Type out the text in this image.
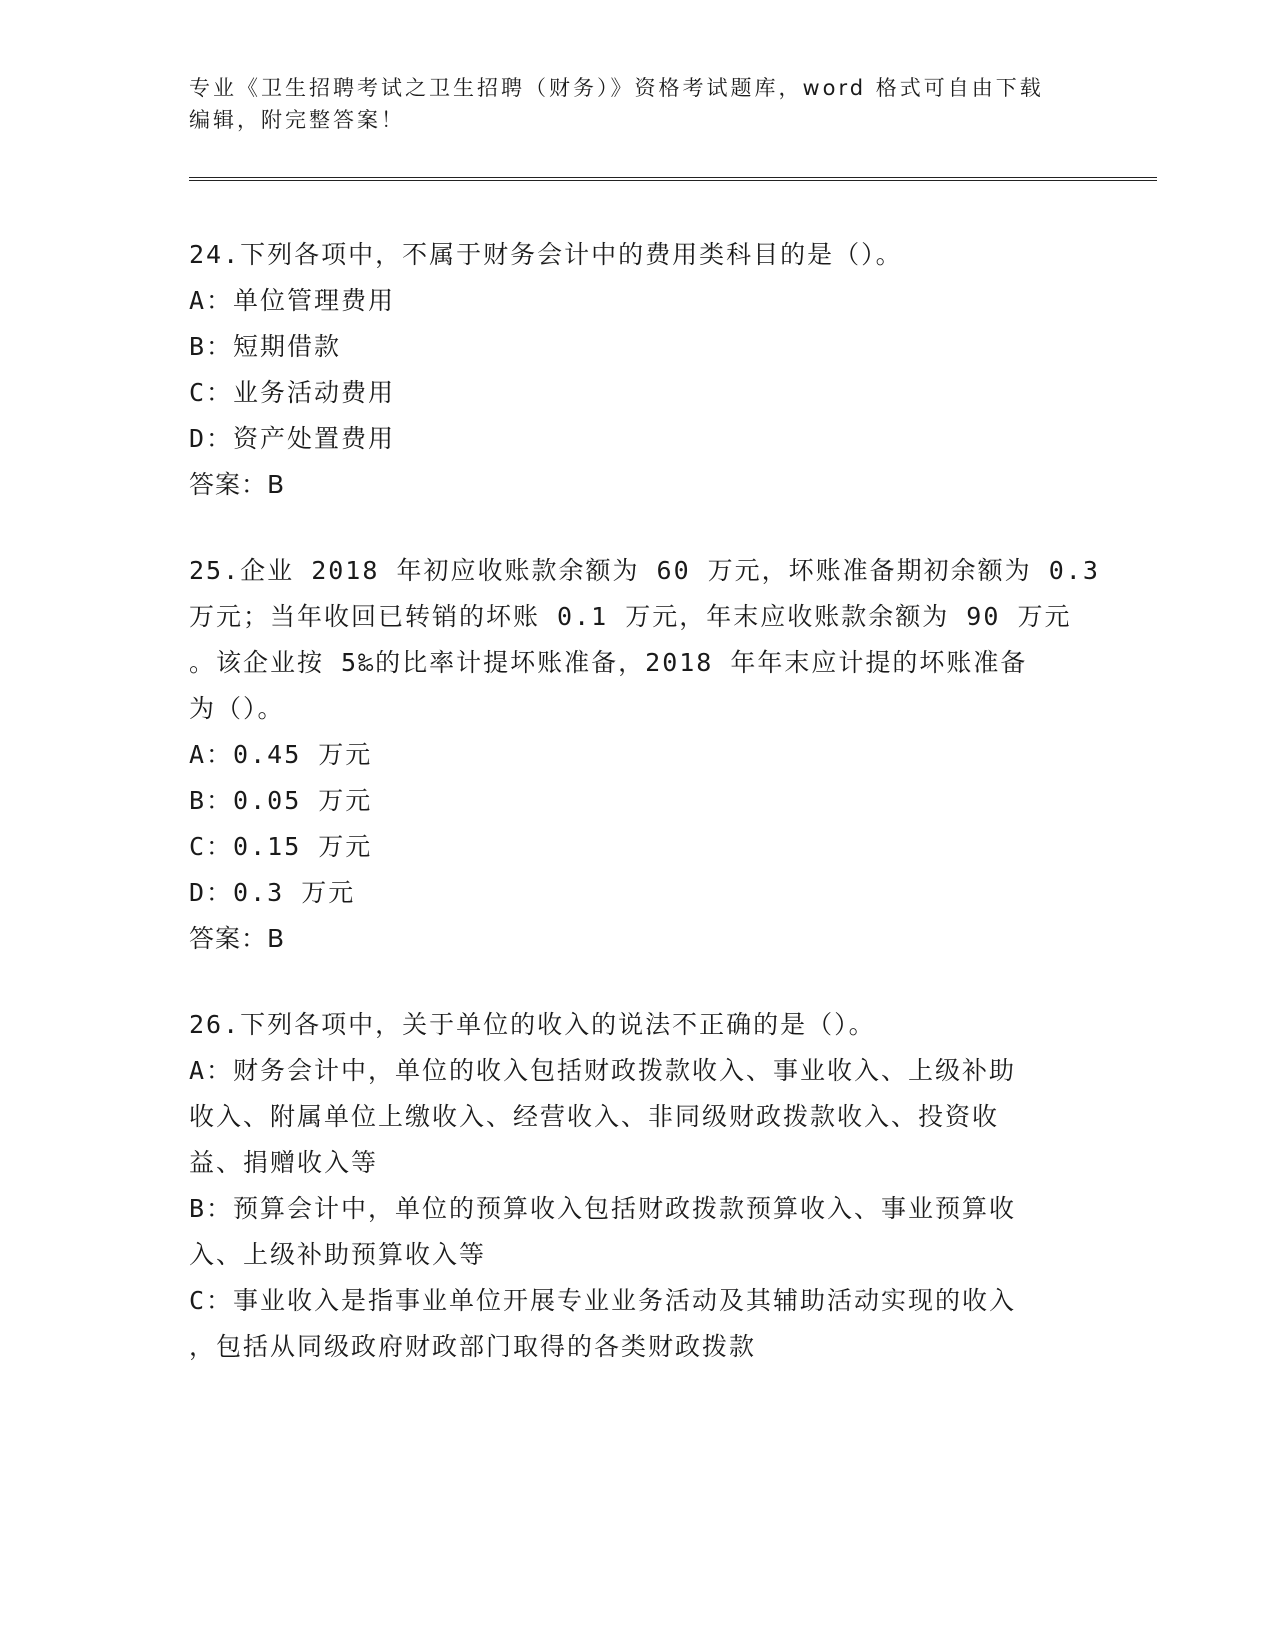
专业《卫生招聘考试之卫生招聘（财务）》资格考试题库，word 格式可自由下载
编辑，附完整答案！
24.下列各项中，不属于财务会计中的费用类科目的是（）。
A：单位管理费用
B：短期借款
C：业务活动费用
D：资产处置费用
答案：B
25.企业 2018 年初应收账款余额为 60 万元，坏账准备期初余额为 0.3
万元；当年收回已转销的坏账 0.1 万元，年末应收账款余额为 90 万元
。该企业按 5‰的比率计提坏账准备，2018 年年末应计提的坏账准备
为（）。
A：0.45 万元
B：0.05 万元
C：0.15 万元
D：0.3 万元
答案：B
26.下列各项中，关于单位的收入的说法不正确的是（）。
A：财务会计中，单位的收入包括财政拨款收入、事业收入、上级补助
收入、附属单位上缴收入、经营收入、非同级财政拨款收入、投资收
益、捐赠收入等
B：预算会计中，单位的预算收入包括财政拨款预算收入、事业预算收
入、上级补助预算收入等
C：事业收入是指事业单位开展专业业务活动及其辅助活动实现的收入
，包括从同级政府财政部门取得的各类财政拨款
